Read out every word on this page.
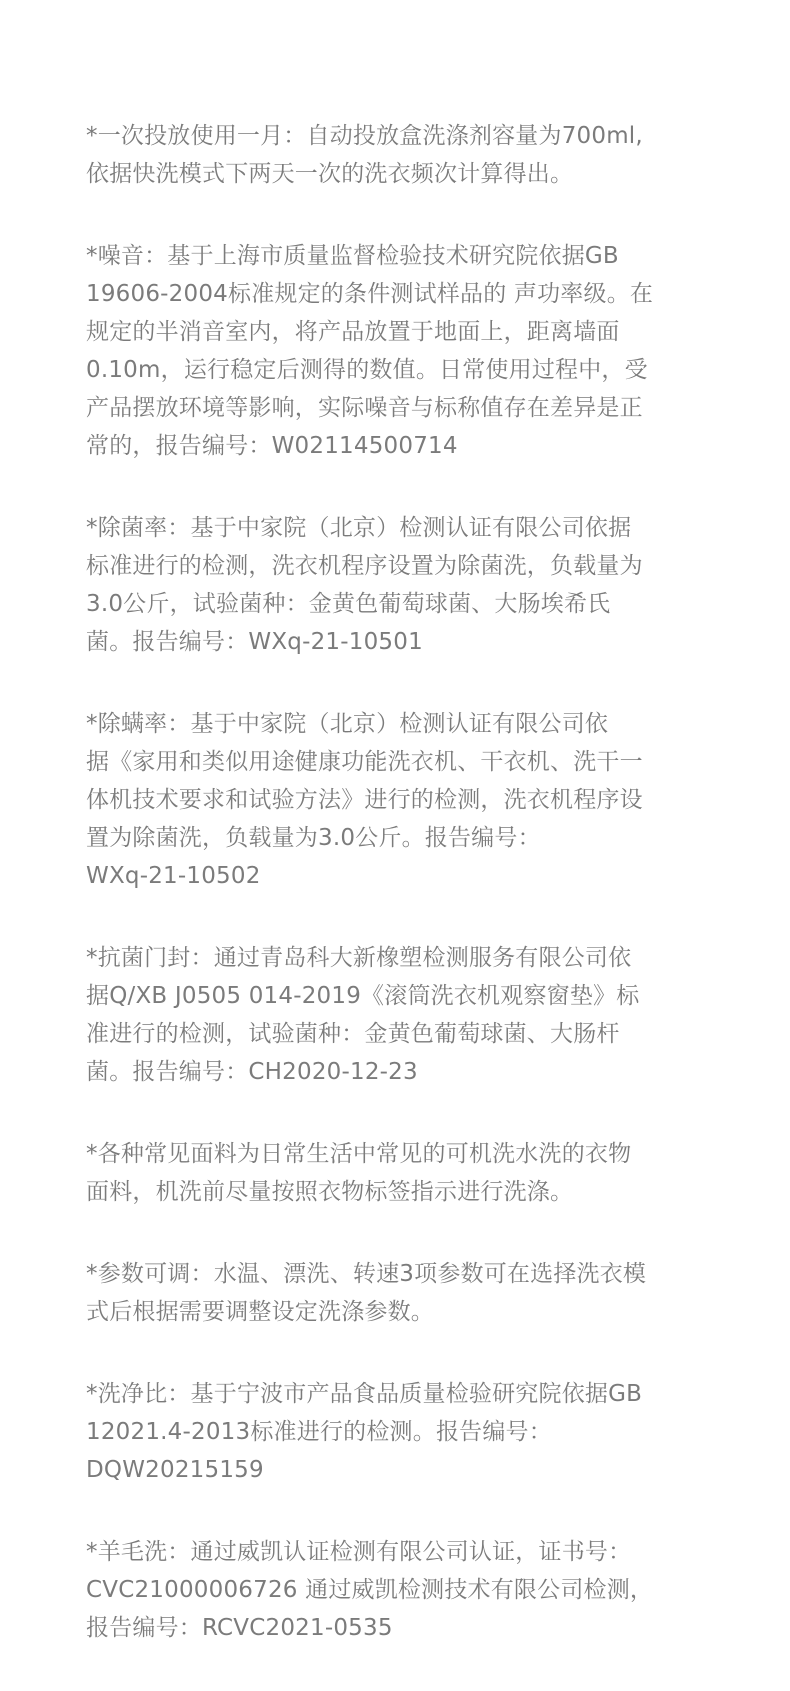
*一次投放使用一月：自动投放盒洗涤剂容量为700ml,
依据快洗模式下两天一次的洗衣频次计算得出。
*噪音：基于上海市质量监督检验技术研究院依据GB
19606-2004标准规定的条件测试样品的 声功率级。在
规定的半消音室内，将产品放置于地面上，距离墙面
0.10m，运行稳定后测得的数值。日常使用过程中，受
产品摆放环境等影响，实际噪音与标称值存在差异是正
常的，报告编号：W02114500714
*除菌率：基于中家院（北京）检测认证有限公司依据
标准进行的检测，洗衣机程序设置为除菌洗，负载量为
3.0公斤，试验菌种：金黄色葡萄球菌、大肠埃希氏
菌。报告编号：WXq-21-10501
*除螨率：基于中家院（北京）检测认证有限公司依
据《家用和类似用途健康功能洗衣机、干衣机、洗干一
体机技术要求和试验方法》进行的检测，洗衣机程序设
置为除菌洗，负载量为3.0公斤。报告编号：
WXq-21-10502
*抗菌门封：通过青岛科大新橡塑检测服务有限公司依
据Q/XB J0505 014-2019《滚筒洗衣机观察窗垫》标
准进行的检测，试验菌种：金黄色葡萄球菌、大肠杆
菌。报告编号：CH2020-12-23
*各种常见面料为日常生活中常见的可机洗水洗的衣物
面料，机洗前尽量按照衣物标签指示进行洗涤。
*参数可调：水温、漂洗、转速3项参数可在选择洗衣模
式后根据需要调整设定洗涤参数。
*洗净比：基于宁波市产品食品质量检验研究院依据GB
12021.4-2013标准进行的检测。报告编号：
DQW20215159
*羊毛洗：通过威凯认证检测有限公司认证，证书号：
CVC21000006726 通过威凯检测技术有限公司检测，
报告编号：RCVC2021-0535
